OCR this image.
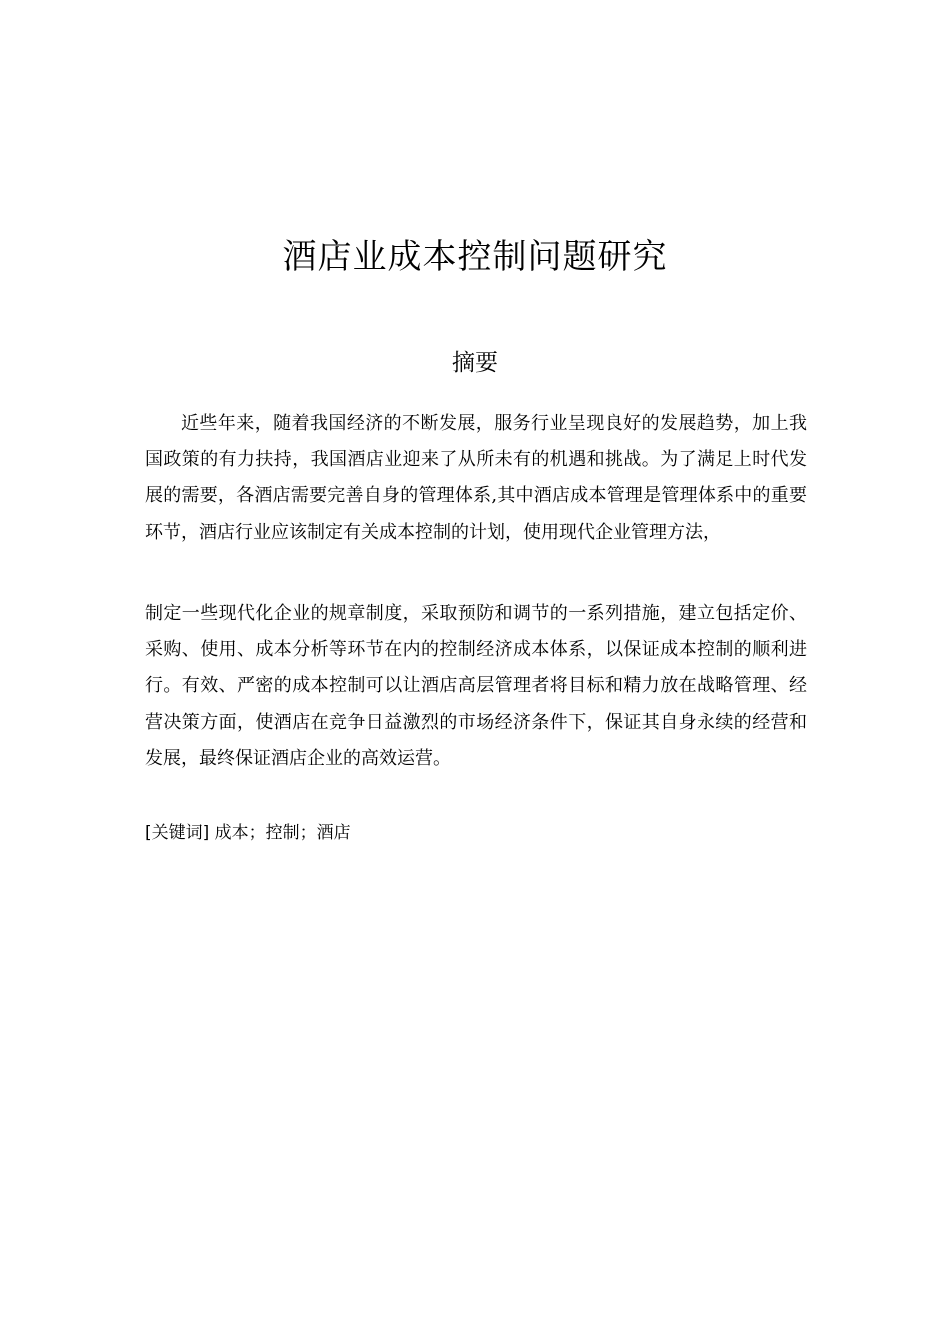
酒店业成本控制问题研究
摘要
近些年来，随着我国经济的不断发展，服务行业呈现良好的发展趋势，加上我国政策的有力扶持，我国酒店业迎来了从所未有的机遇和挑战。为了满足上时代发展的需要，各酒店需要完善自身的管理体系,其中酒店成本管理是管理体系中的重要环节，酒店行业应该制定有关成本控制的计划，使用现代企业管理方法，
制定一些现代化企业的规章制度，采取预防和调节的一系列措施，建立包括定价、采购、使用、成本分析等环节在内的控制经济成本体系，以保证成本控制的顺利进行。有效、严密的成本控制可以让酒店高层管理者将目标和精力放在战略管理、经营决策方面，使酒店在竞争日益激烈的市场经济条件下，保证其自身永续的经营和发展，最终保证酒店企业的高效运营。
[关键词] 成本；控制；酒店
